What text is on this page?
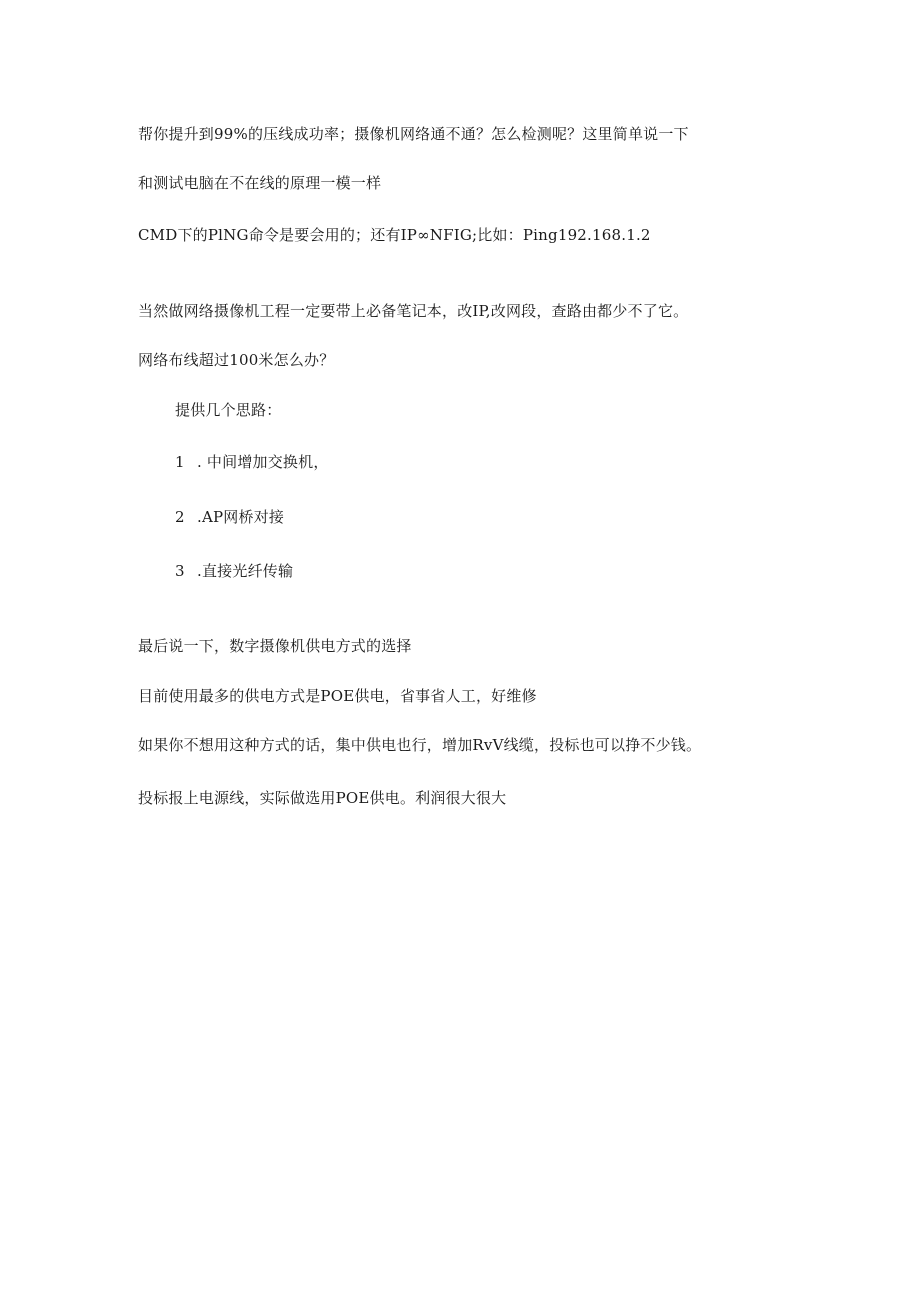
帮你提升到99%的压线成功率；摄像机网络通不通？怎么检测呢？这里简单说一下
和测试电脑在不在线的原理一模一样
CMD下的PlNG命令是要会用的；还有IP∞NFIG;比如：Ping192.168.1.2
当然做网络摄像机工程一定要带上必备笔记本，改IP,改网段，查路由都少不了它。
网络布线超过100米怎么办？
提供几个思路：
1 . 中间增加交换机，
2 .AP网桥对接
3 .直接光纤传输
最后说一下，数字摄像机供电方式的选择
目前使用最多的供电方式是POE供电，省事省人工，好维修
如果你不想用这种方式的话，集中供电也行，增加RvV线缆，投标也可以挣不少钱。
投标报上电源线，实际做选用POE供电。利润很大很大
